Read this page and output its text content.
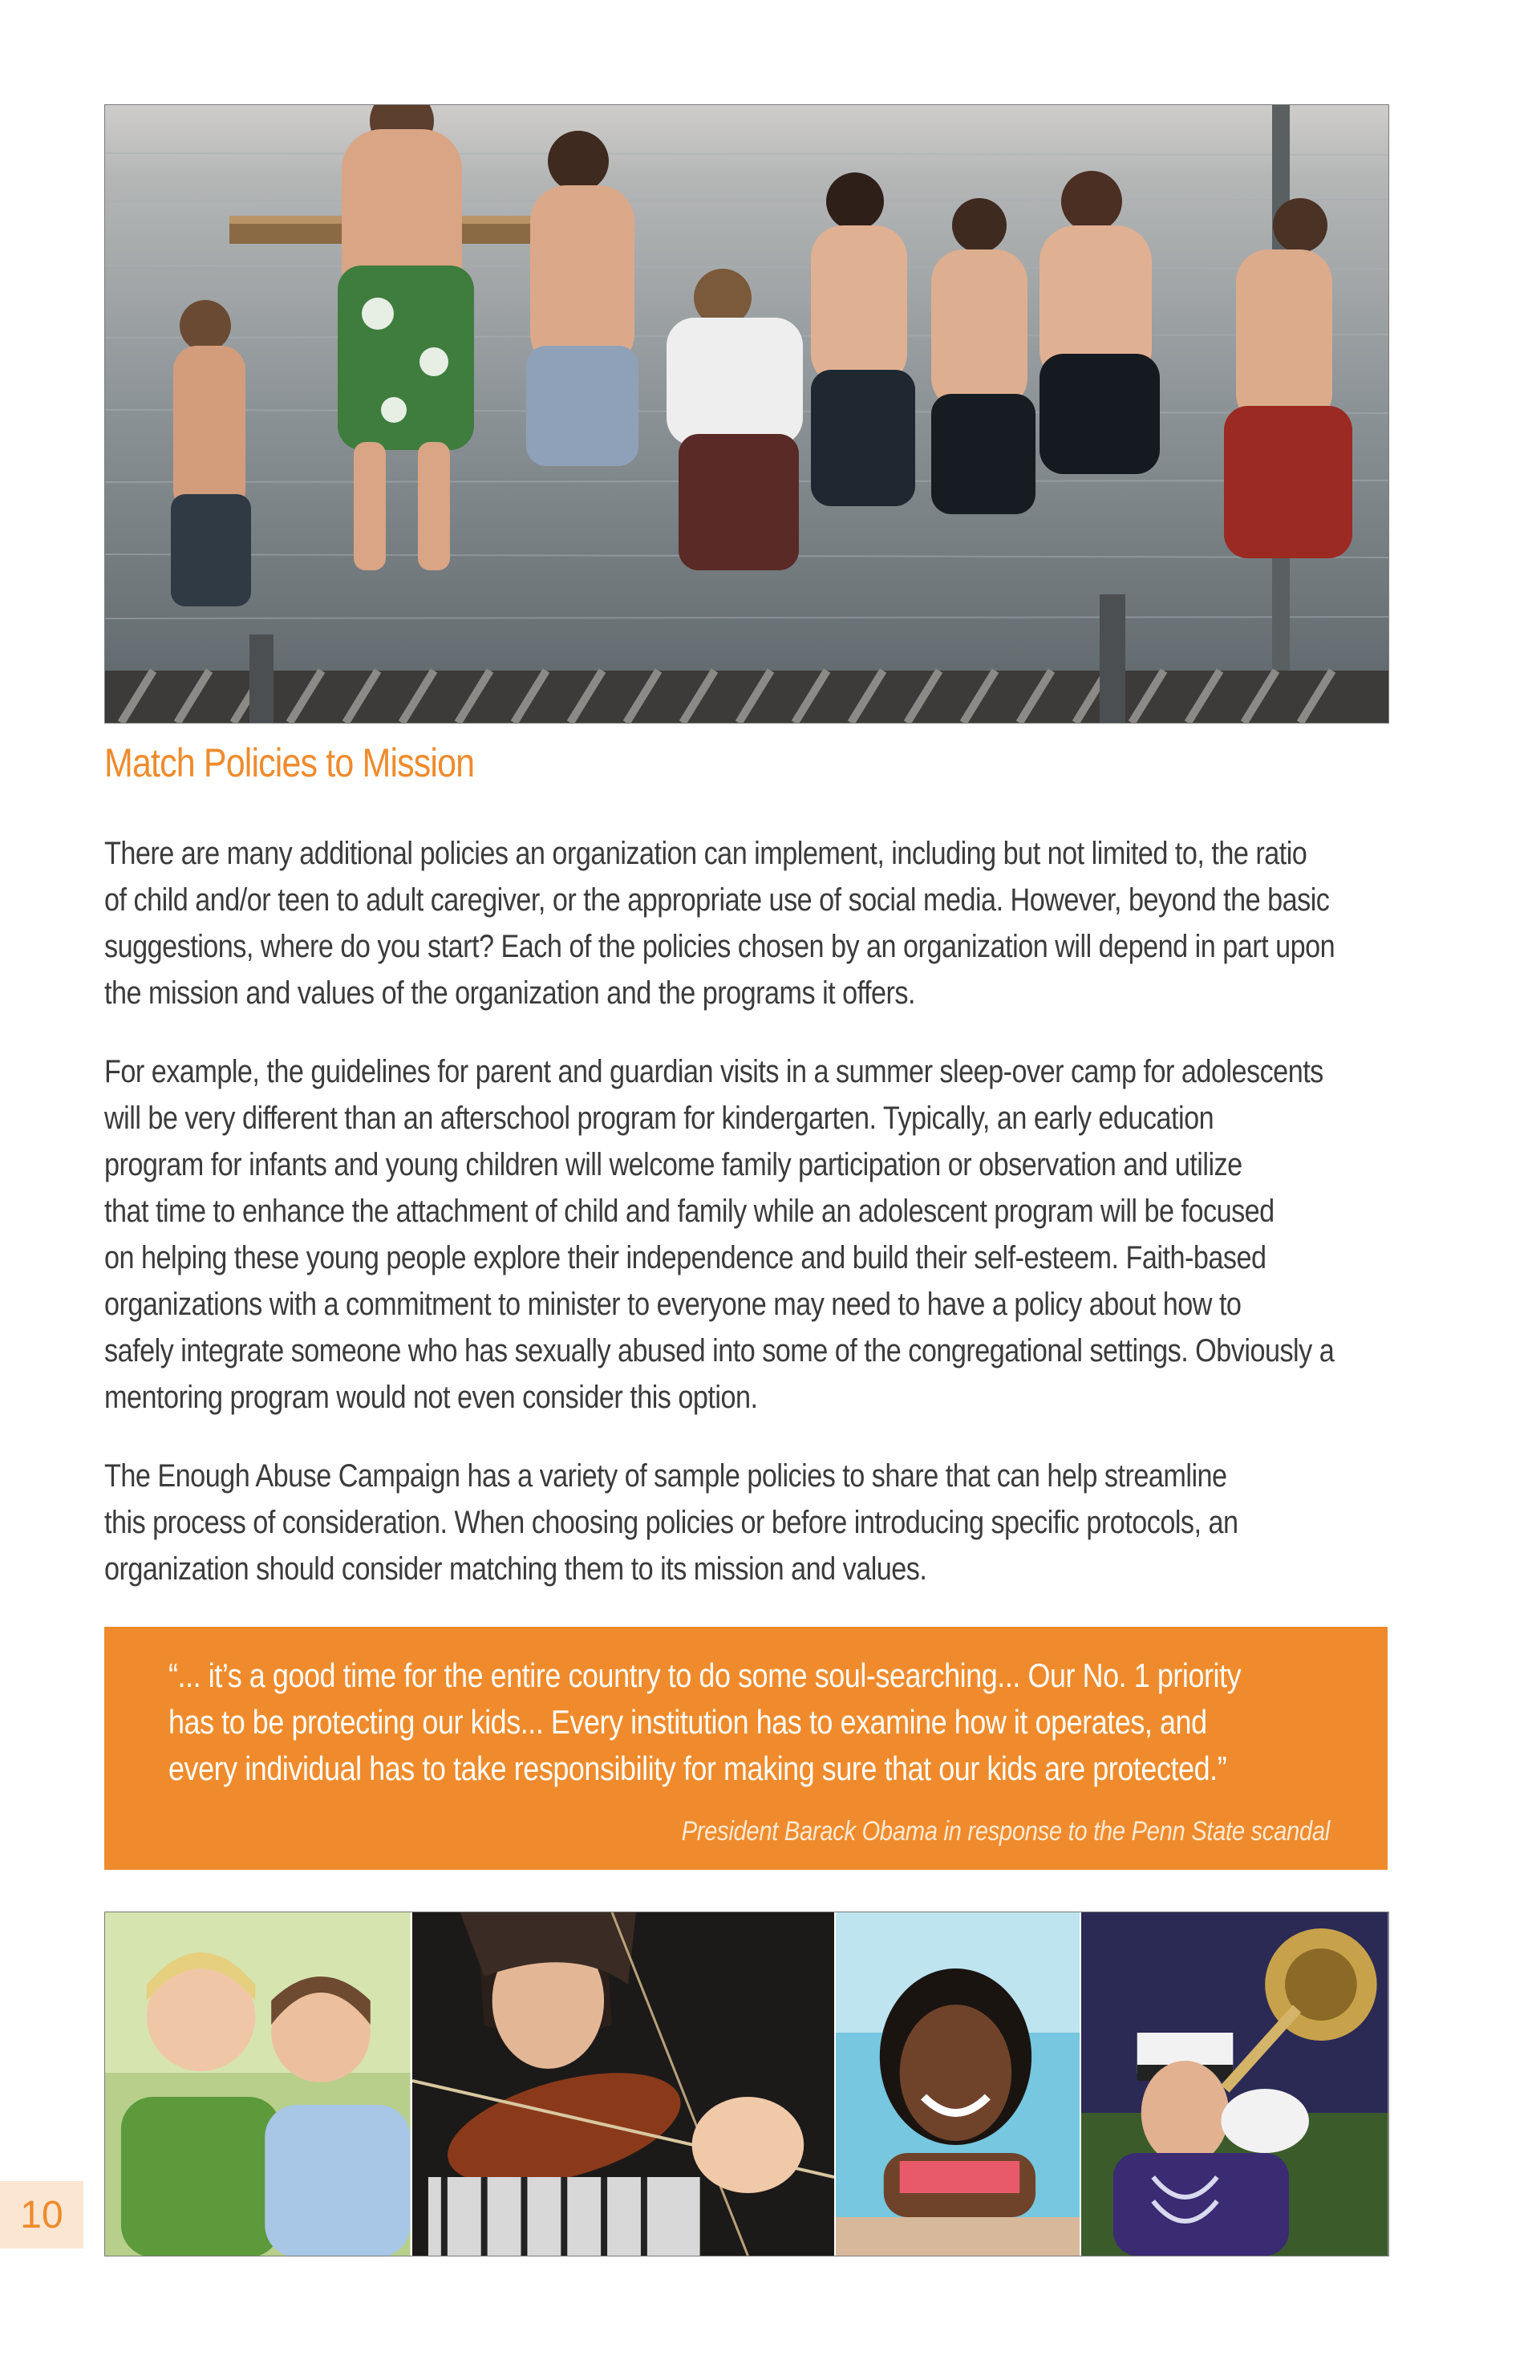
Match Policies to Mission

There are many additional policies an organization can implement, including but not limited to, the ratio
of child and/or teen to adult caregiver, or the appropriate use of social media. However, beyond the basic
suggestions, where do you start? Each of the policies chosen by an organization will depend in part upon
the mission and values of the organization and the programs it offers.

For example, the guidelines for parent and guardian visits in a summer sleep-over camp for adolescents
will be very different than an afterschool program for kindergarten. Typically, an early education
program for infants and young children will welcome family participation or observation and utilize
that time to enhance the attachment of child and family while an adolescent program will be focused
on helping these young people explore their independence and build their self-esteem. Faith-based
organizations with a commitment to minister to everyone may need to have a policy about how to
safely integrate someone who has sexually abused into some of the congregational settings. Obviously a
mentoring program would not even consider this option.

The Enough Abuse Campaign has a variety of sample policies to share that can help streamline
this process of consideration. When choosing policies or before introducing specific protocols, an
organization should consider matching them to its mission and values.

“... it’s a good time for the entire country to do some soul-searching... Our No. 1 priority
has to be protecting our kids... Every institution has to examine how it operates, and
every individual has to take responsibility for making sure that our kids are protected.”
President Barack Obama in response to the Penn State scandal
10
